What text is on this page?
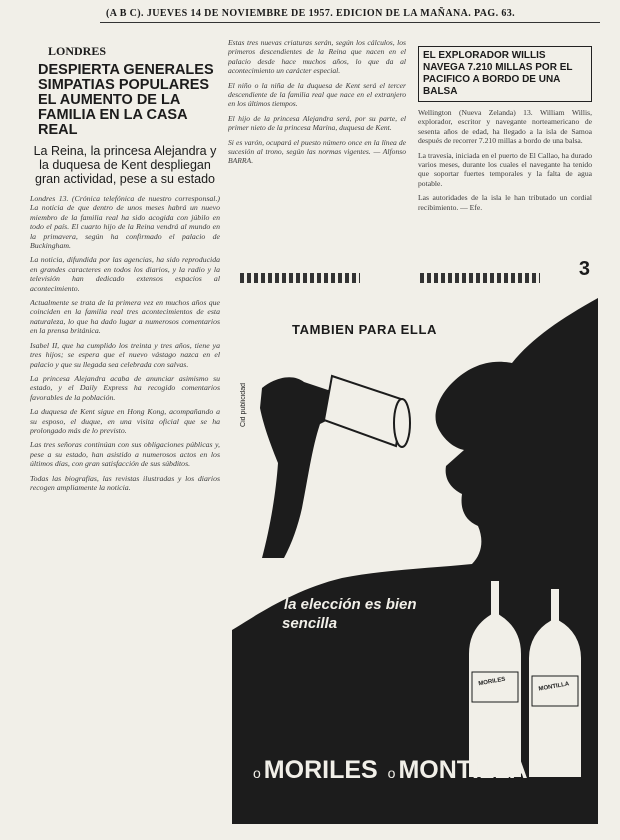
(A B C). JUEVES 14 DE NOVIEMBRE DE 1957. EDICION DE LA MAÑANA. PAG. 63.
LONDRES
DESPIERTA GENERALES SIMPATIAS POPULARES EL AUMENTO DE LA FAMILIA EN LA CASA REAL
La Reina, la princesa Alejandra y la duquesa de Kent despliegan gran actividad, pese a su estado

Londres 13. (Crónica telefónica de nuestro corresponsal.) La noticia de que dentro de unos meses habrá un nuevo miembro de la familia real ha sido acogida con júbilo en todo el país. El cuarto hijo de la Reina vendrá al mundo en la primavera, según ha confirmado el palacio de Buckingham.

La noticia, difundida por las agencias, ha sido reproducida en grandes caracteres en todos los diarios, y la radio y la televisión han dedicado extensos espacios al acontecimiento.

Actualmente se trata de la primera vez en muchos años que coinciden en la familia real tres acontecimientos de esta naturaleza, lo que ha dado lugar a numerosos comentarios en la prensa británica.

Isabel II, que ha cumplido los treinta y tres años, tiene ya tres hijos; se espera que el nuevo vástago nazca en el palacio y que su llegada sea celebrada con salvas.

La princesa Alejandra acaba de anunciar asimismo su estado, y el Daily Express ha recogido comentarios favorables de la población.

La duquesa de Kent sigue en Hong Kong, acompañando a su esposo, el duque, en una visita oficial que se ha prolongado más de lo previsto.

Las tres señoras continúan con sus obligaciones públicas y, pese a su estado, han asistido a numerosos actos en los últimos días, con gran satisfacción de sus súbditos.

Todas las biografías, las revistas ilustradas y los diarios recogen ampliamente la noticia.

Estas tres nuevas criaturas serán, según los cálculos, los primeros descendientes de la Reina que nacen en el palacio desde hace muchos años, lo que da al acontecimiento un carácter especial.

El niño o la niña de la duquesa de Kent será el tercer descendiente de la familia real que nace en el extranjero en los últimos tiempos.

El hijo de la princesa Alejandra será, por su parte, el primer nieto de la princesa Marina, duquesa de Kent.

Si es varón, ocupará el puesto número once en la línea de sucesión al trono, según las normas vigentes. — Alfonso BARRA.

EL EXPLORADOR WILLIS NAVEGA 7.210 MILLAS POR EL PACIFICO A BORDO DE UNA BALSA

Wellington (Nueva Zelanda) 13. William Willis, explorador, escritor y navegante norteamericano de sesenta años de edad, ha llegado a la isla de Samoa después de recorrer 7.210 millas a bordo de una balsa.

La travesía, iniciada en el puerto de El Callao, ha durado varios meses, durante los cuales el navegante ha tenido que soportar fuertes temporales y la falta de agua potable.

Las autoridades de la isla le han tributado un cordial recibimiento. — Efe.

3
TAMBIEN PARA ELLA
Cid publicidad
la elección es bien
sencilla
MORILES	MONTILLA
o MORILES o MONTILLA
